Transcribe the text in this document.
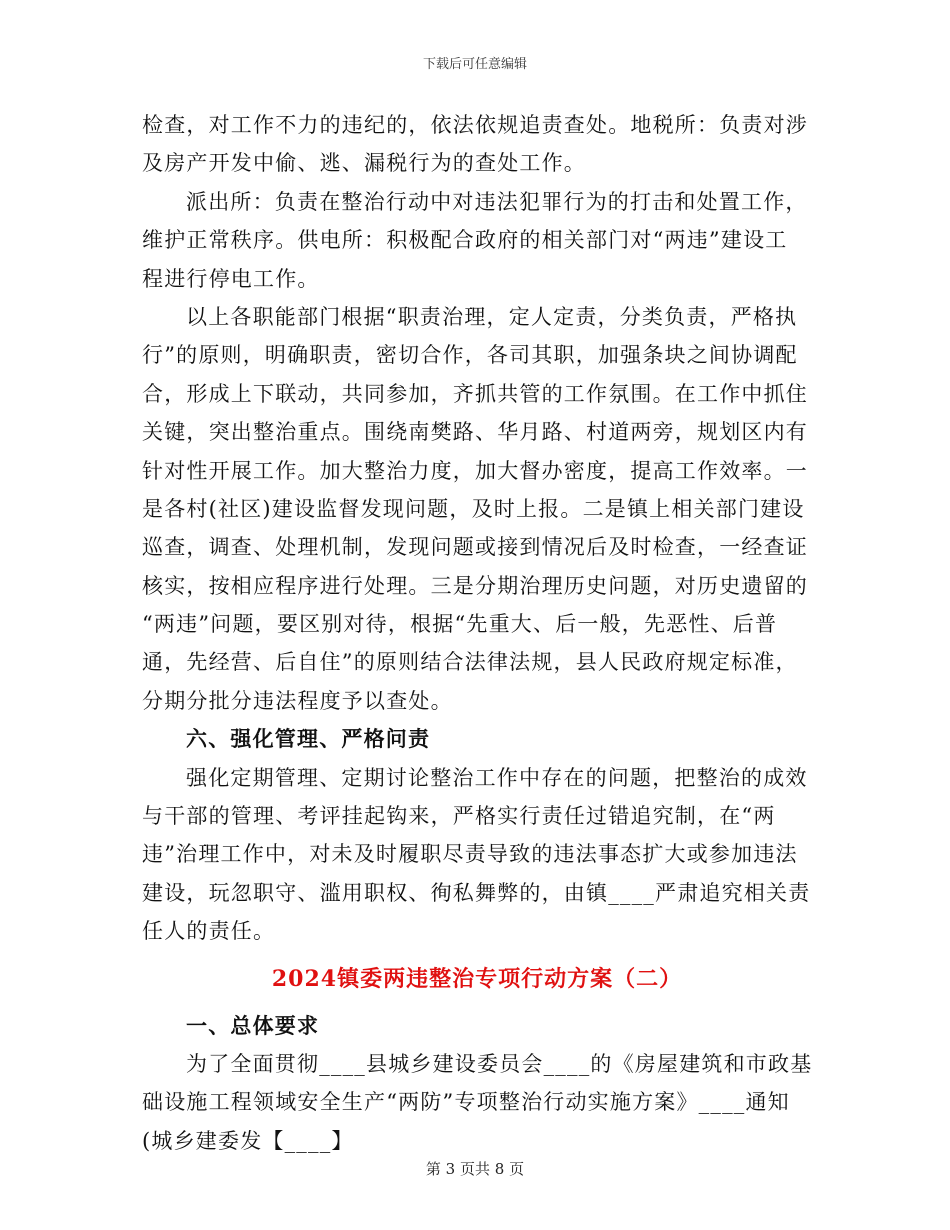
下载后可任意编辑
检查，对工作不力的违纪的，依法依规追责查处。地税所：负责对涉
及房产开发中偷、逃、漏税行为的查处工作。
派出所：负责在整治行动中对违法犯罪行为的打击和处置工作，
维护正常秩序。供电所：积极配合政府的相关部门对“两违”建设工
程进行停电工作。
以上各职能部门根据“职责治理，定人定责，分类负责，严格执
行”的原则，明确职责，密切合作，各司其职，加强条块之间协调配
合，形成上下联动，共同参加，齐抓共管的工作氛围。在工作中抓住
关键，突出整治重点。围绕南樊路、华月路、村道两旁，规划区内有
针对性开展工作。加大整治力度，加大督办密度，提高工作效率。一
是各村(社区)建设监督发现问题，及时上报。二是镇上相关部门建设
巡查，调查、处理机制，发现问题或接到情况后及时检查，一经查证
核实，按相应程序进行处理。三是分期治理历史问题，对历史遗留的
“两违”问题，要区别对待，根据“先重大、后一般，先恶性、后普
通，先经营、后自住”的原则结合法律法规，县人民政府规定标准，
分期分批分违法程度予以查处。
六、强化管理、严格问责
强化定期管理、定期讨论整治工作中存在的问题，把整治的成效
与干部的管理、考评挂起钩来，严格实行责任过错追究制，在“两
违”治理工作中，对未及时履职尽责导致的违法事态扩大或参加违法
建设，玩忽职守、滥用职权、徇私舞弊的，由镇____严肃追究相关责
任人的责任。
2024镇委两违整治专项行动方案（二）
一、总体要求
为了全面贯彻____县城乡建设委员会____的《房屋建筑和市政基
础设施工程领域安全生产“两防”专项整治行动实施方案》____通知
(城乡建委发【____】
第 3 页共 8 页
